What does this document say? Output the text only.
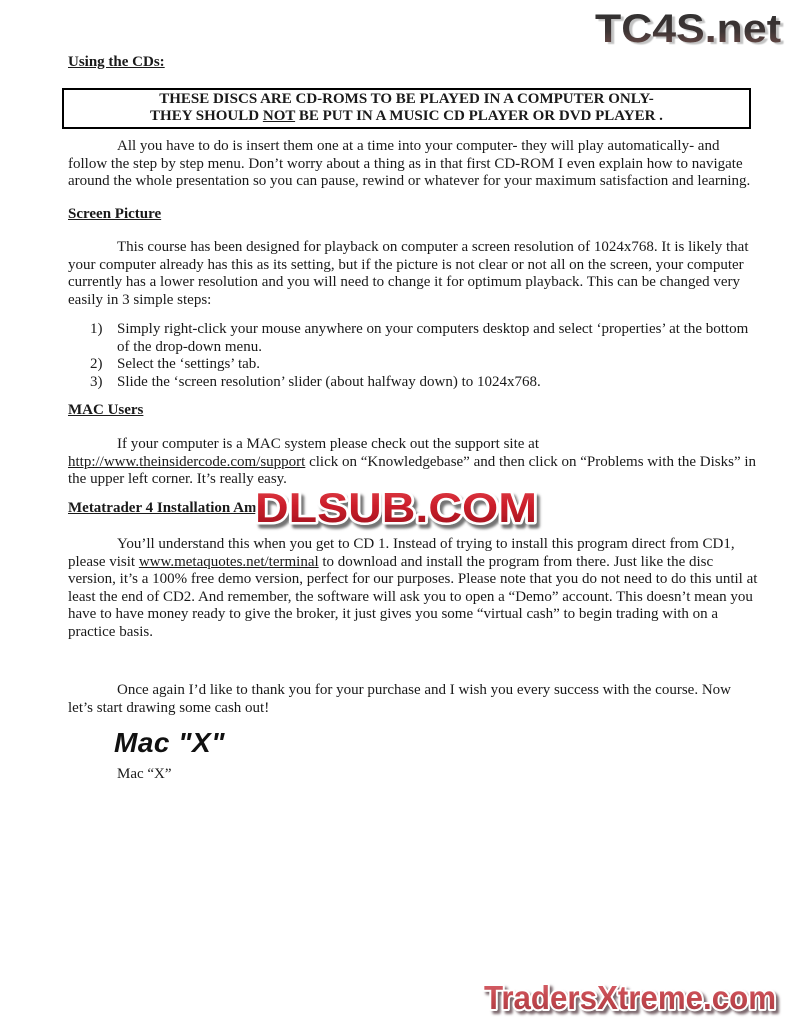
TC4S.net
Using the CDs:
THESE DISCS ARE CD-ROMS TO BE PLAYED IN A COMPUTER ONLY-
THEY SHOULD NOT BE PUT IN A MUSIC CD PLAYER OR DVD PLAYER .
All you have to do is insert them one at a time into your computer- they will play automatically- and follow the step by step menu. Don’t worry about a thing as in that first CD-ROM I even explain how to navigate around the whole presentation so you can pause, rewind or whatever for your maximum satisfaction and learning.
Screen Picture
This course has been designed for playback on computer a screen resolution of 1024x768. It is likely that your computer already has this as its setting, but if the picture is not clear or not all on the screen, your computer currently has a lower resolution and you will need to change it for optimum playback. This can be changed very easily in 3 simple steps:
1) Simply right-click your mouse anywhere on your computers desktop and select ‘properties’ at the bottom of the drop-down menu.
2) Select the ‘settings’ tab.
3) Slide the ‘screen resolution’ slider (about halfway down) to 1024x768.
MAC Users
If your computer is a MAC system please check out the support site at http://www.theinsidercode.com/support click on “Knowledgebase” and then click on “Problems with the Disks” in the upper left corner. It’s really easy.
Metatrader 4 Installation Ame
DLSUB.COM
You’ll understand this when you get to CD 1. Instead of trying to install this program direct from CD1, please visit www.metaquotes.net/terminal to download and install the program from there. Just like the disc version, it’s a 100% free demo version, perfect for our purposes. Please note that you do not need to do this until at least the end of CD2. And remember, the software will ask you to open a “Demo” account. This doesn’t mean you have to have money ready to give the broker, it just gives you some “virtual cash” to begin trading with on a practice basis.
Once again I’d like to thank you for your purchase and I wish you every success with the course. Now let’s start drawing some cash out!
Mac "X"
Mac “X”
TradersXtreme.com
